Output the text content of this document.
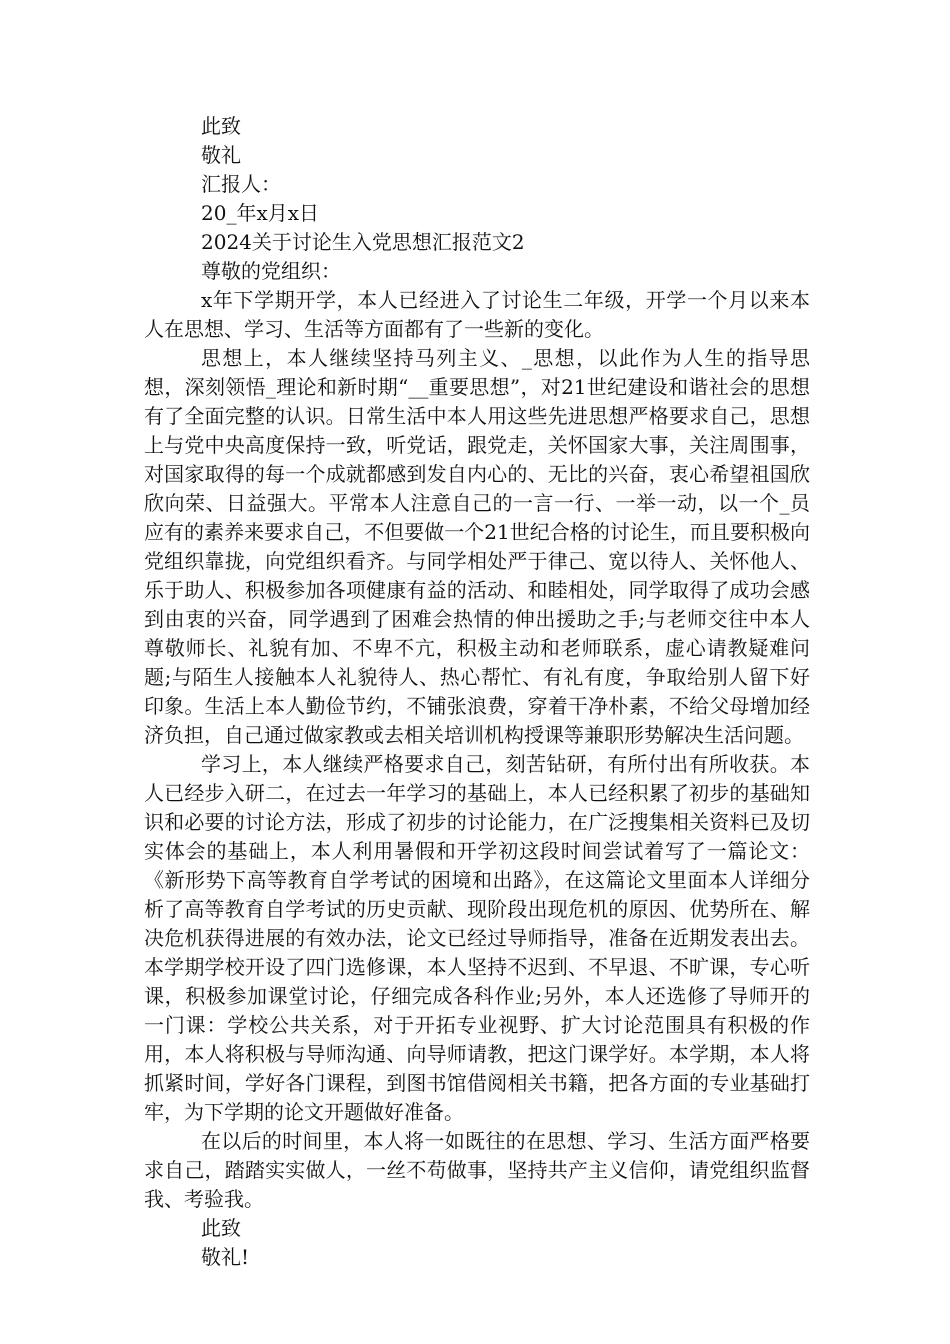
此致
敬礼
汇报人：
20_年x月x日
2024关于讨论生入党思想汇报范文2
尊敬的党组织：

x年下学期开学，本人已经进入了讨论生二年级，开学一个月以来本人在思想、学习、生活等方面都有了一些新的变化。

思想上，本人继续坚持马列主义、_思想，以此作为人生的指导思想，深刻领悟_理论和新时期“__重要思想”，对21世纪建设和谐社会的思想有了全面完整的认识。日常生活中本人用这些先进思想严格要求自己，思想上与党中央高度保持一致，听党话，跟党走，关怀国家大事，关注周围事，对国家取得的每一个成就都感到发自内心的、无比的兴奋，衷心希望祖国欣欣向荣、日益强大。平常本人注意自己的一言一行、一举一动，以一个_员应有的素养来要求自己，不但要做一个21世纪合格的讨论生，而且要积极向党组织靠拢，向党组织看齐。与同学相处严于律己、宽以待人、关怀他人、乐于助人、积极参加各项健康有益的活动、和睦相处，同学取得了成功会感到由衷的兴奋，同学遇到了困难会热情的伸出援助之手;与老师交往中本人尊敬师长、礼貌有加、不卑不亢，积极主动和老师联系，虚心请教疑难问题;与陌生人接触本人礼貌待人、热心帮忙、有礼有度，争取给别人留下好印象。生活上本人勤俭节约，不铺张浪费，穿着干净朴素，不给父母增加经济负担，自己通过做家教或去相关培训机构授课等兼职形势解决生活问题。

学习上，本人继续严格要求自己，刻苦钻研，有所付出有所收获。本人已经步入研二，在过去一年学习的基础上，本人已经积累了初步的基础知识和必要的讨论方法，形成了初步的讨论能力，在广泛搜集相关资料已及切实体会的基础上，本人利用暑假和开学初这段时间尝试着写了一篇论文：《新形势下高等教育自学考试的困境和出路》，在这篇论文里面本人详细分析了高等教育自学考试的历史贡献、现阶段出现危机的原因、优势所在、解决危机获得进展的有效办法，论文已经过导师指导，准备在近期发表出去。本学期学校开设了四门选修课，本人坚持不迟到、不早退、不旷课，专心听课，积极参加课堂讨论，仔细完成各科作业;另外，本人还选修了导师开的一门课：学校公共关系，对于开拓专业视野、扩大讨论范围具有积极的作用，本人将积极与导师沟通、向导师请教，把这门课学好。本学期，本人将抓紧时间，学好各门课程，到图书馆借阅相关书籍，把各方面的专业基础打牢，为下学期的论文开题做好准备。

在以后的时间里，本人将一如既往的在思想、学习、生活方面严格要求自己，踏踏实实做人，一丝不苟做事，坚持共产主义信仰，请党组织监督我、考验我。

此致
敬礼!
